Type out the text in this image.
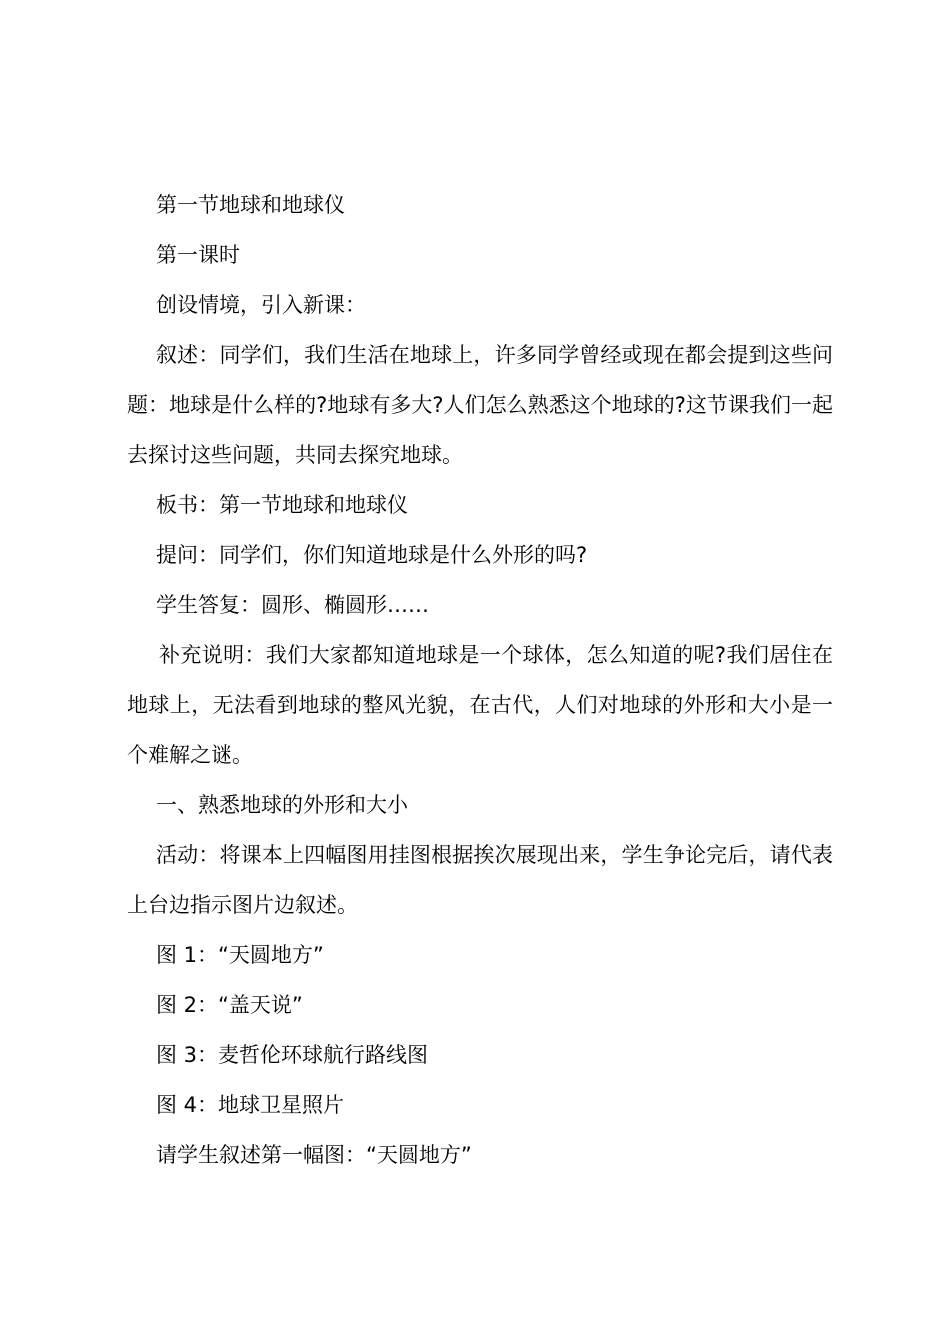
第一节地球和地球仪

第一课时

创设情境，引入新课：

叙述：同学们，我们生活在地球上，许多同学曾经或现在都会提到这些问题：地球是什么样的?地球有多大?人们怎么熟悉这个地球的?这节课我们一起去探讨这些问题，共同去探究地球。

板书：第一节地球和地球仪

提问：同学们，你们知道地球是什么外形的吗?

学生答复：圆形、椭圆形……

补充说明：我们大家都知道地球是一个球体，怎么知道的呢?我们居住在地球上，无法看到地球的整风光貌，在古代，人们对地球的外形和大小是一个难解之谜。

一、熟悉地球的外形和大小

活动：将课本上四幅图用挂图根据挨次展现出来，学生争论完后，请代表上台边指示图片边叙述。

图 1：“天圆地方”

图 2：“盖天说”

图 3：麦哲伦环球航行路线图

图 4：地球卫星照片

请学生叙述第一幅图：“天圆地方”
